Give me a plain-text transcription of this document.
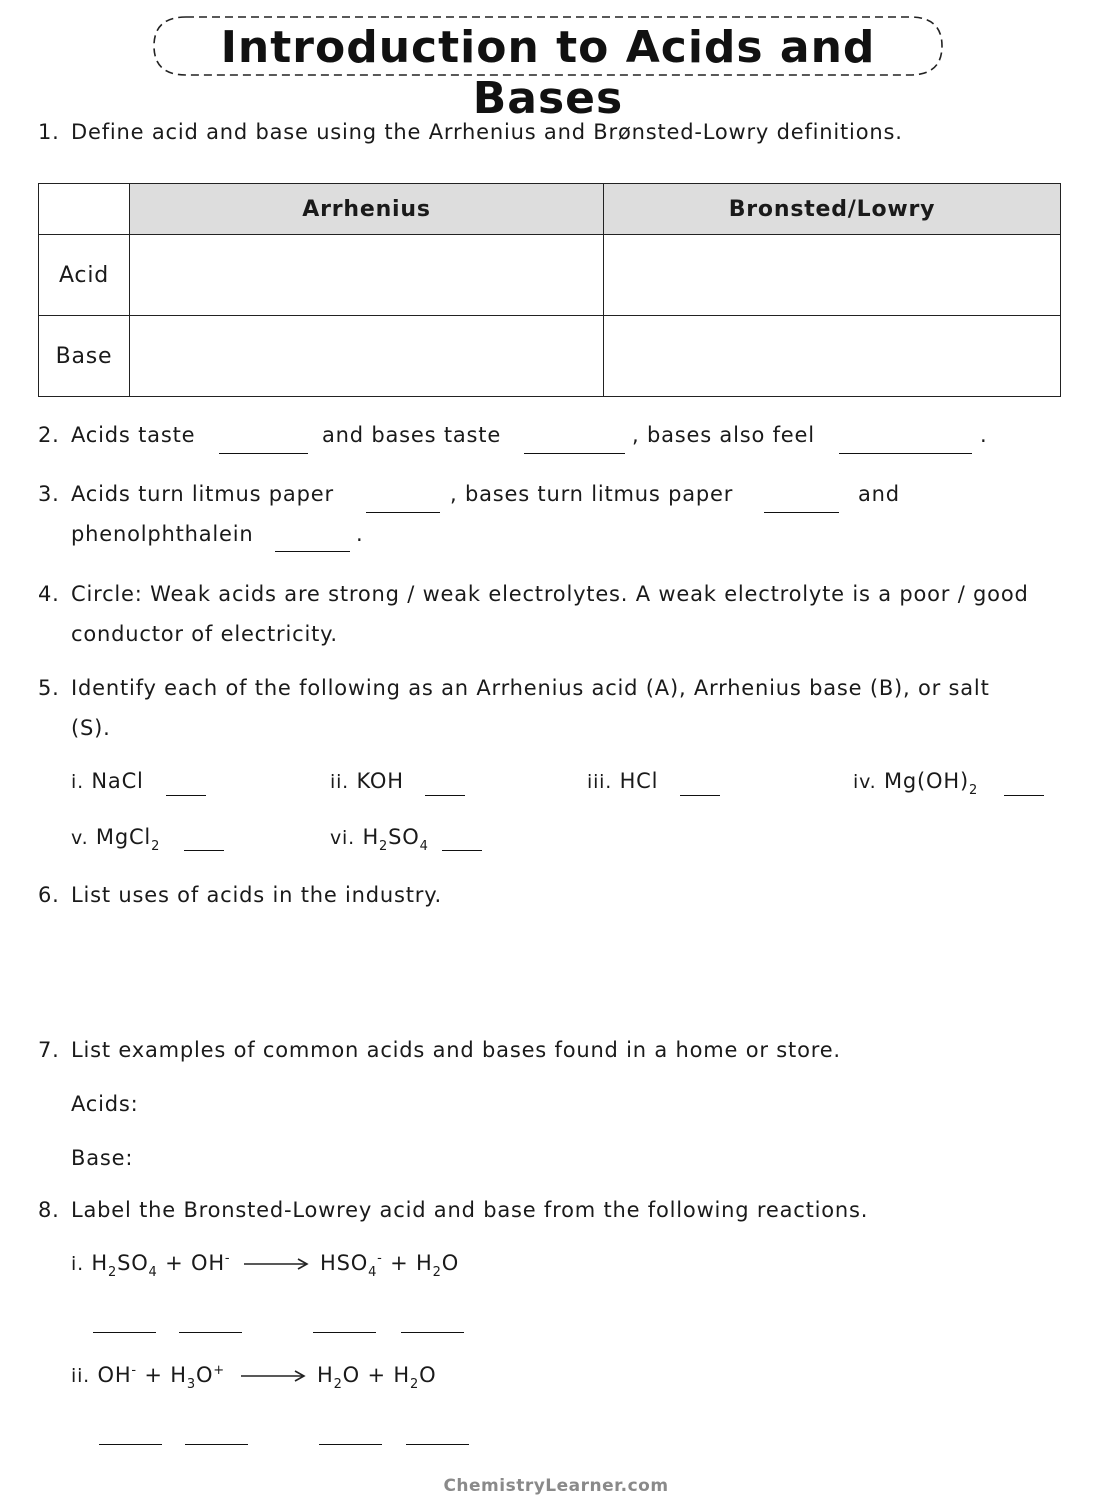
Introduction to Acids and Bases
1. Define acid and base using the Arrhenius and Brønsted-Lowry definitions.
	Arrhenius	Bronsted/Lowry
Acid		
Base		
2. Acids taste	and bases taste	, bases also feel	.
3. Acids turn litmus paper	, bases turn litmus paper	and
phenolphthalein	.
4. Circle: Weak acids are strong / weak electrolytes. A weak electrolyte is a poor / good
conductor of electricity.
5. Identify each of the following as an Arrhenius acid (A), Arrhenius base (B), or salt
(S).
i. NaCl	ii. KOH	iii. HCl	iv. $Mg(OH)_2$
v. MgCl$_2$	vi. $H_2SO_4$
6. List uses of acids in the industry.
7. List examples of common acids and bases found in a home or store.
Acids:
Base:
8. Label the Bronsted-Lowrey acid and base from the following reactions.
i. $H_2SO_4 + OH^-$	$HSO_4^- + H_2O$
ii. $OH^- + H_3O^+$	$H_2O + H_2O$
ChemistryLearner.com
